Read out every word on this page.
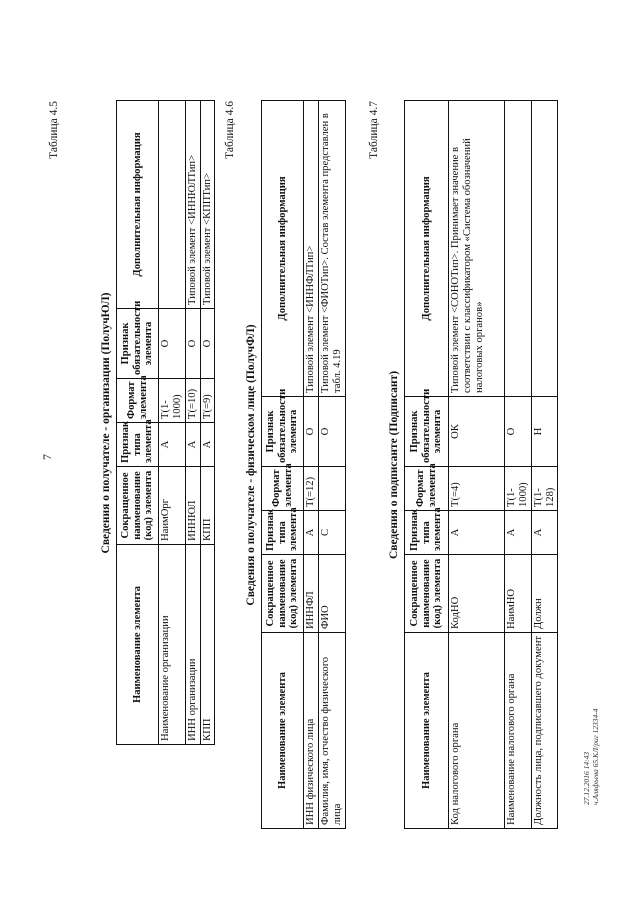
7
Таблица 4.5
Сведения о получателе - организации (ПолучЮЛ)
Наименование элемента	Сокращенное наименование (код) элемента	Признак типа элемента	Формат элемента	Признак обязательности элемента	Дополнительная информация
Наименование организации	НаимОрг	А	Т(1-1000)	О	
ИНН организации	ИННЮЛ	А	Т(=10)	О	Типовой элемент <ИННЮЛТип>
КПП	КПП	А	Т(=9)	О	Типовой элемент <КППТип>
Таблица 4.6
Сведения о получателе - физическом лице (ПолучФЛ)
Наименование элемента	Сокращенное наименование (код) элемента	Признак типа элемента	Формат элемента	Признак обязательности элемента	Дополнительная информация
ИНН физического лица	ИННФЛ	А	Т(=12)	О	Типовой элемент <ИННФЛТип>
Фамилия, имя, отчество физического лица	ФИО	С		О	Типовой элемент <ФИОТип>. Состав элемента представлен в табл. 4.19
Таблица 4.7
Сведения о подписанте (Подписант)
Наименование элемента	Сокращенное наименование (код) элемента	Признак типа элемента	Формат элемента	Признак обязательности элемента	Дополнительная информация
Код налогового органа	КодНО	А	Т(=4)	ОК	Типовой элемент <СОНОТип>. Принимает значение в соответствии с классификатором «Система обозначений налоговых органов»
Наименование налогового органа	НаимНО	А	Т(1-1000)	О	
Должность лица, подписавшего документ	Должн	А	Т(1-128)	Н	
27.12.2016 14:43 ч.Аляфьева 65.КЛ/риг 12334-4
